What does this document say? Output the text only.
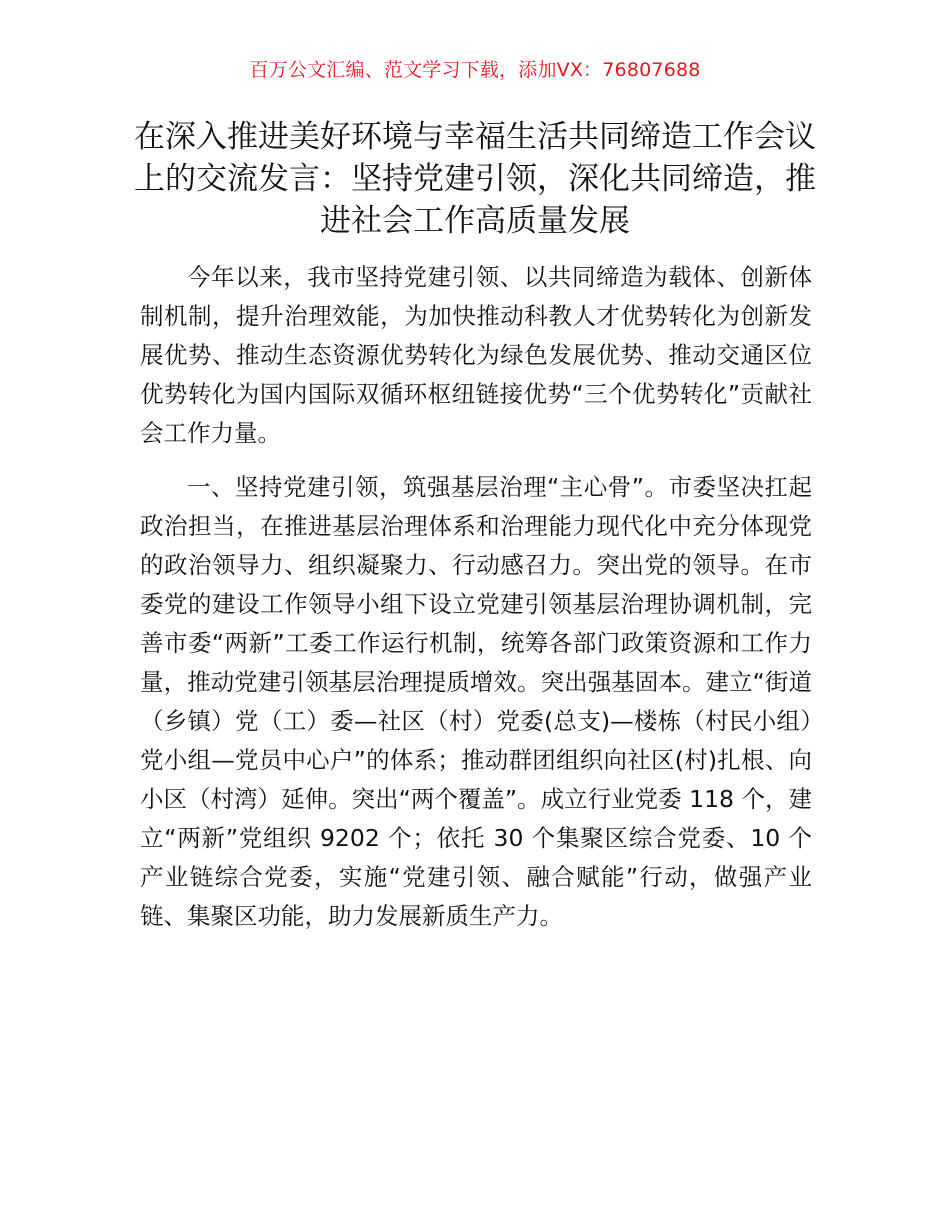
百万公文汇编、范文学习下载，添加VX：76807688
在深入推进美好环境与幸福生活共同缔造工作会议上的交流发言：坚持党建引领，深化共同缔造，推进社会工作高质量发展

今年以来，我市坚持党建引领、以共同缔造为载体、创新体制机制，提升治理效能，为加快推动科教人才优势转化为创新发展优势、推动生态资源优势转化为绿色发展优势、推动交通区位优势转化为国内国际双循环枢纽链接优势“三个优势转化”贡献社会工作力量。

一、坚持党建引领，筑强基层治理“主心骨”。市委坚决扛起政治担当，在推进基层治理体系和治理能力现代化中充分体现党的政治领导力、组织凝聚力、行动感召力。突出党的领导。在市委党的建设工作领导小组下设立党建引领基层治理协调机制，完善市委“两新”工委工作运行机制，统筹各部门政策资源和工作力量，推动党建引领基层治理提质增效。突出强基固本。建立“街道（乡镇）党（工）委—社区（村）党委(总支)—楼栋（村民小组）党小组—党员中心户”的体系；推动群团组织向社区(村)扎根、向小区（村湾）延伸。突出“两个覆盖”。成立行业党委 118 个，建立“两新”党组织 9202 个；依托 30 个集聚区综合党委、10 个产业链综合党委，实施“党建引领、融合赋能”行动，做强产业链、集聚区功能，助力发展新质生产力。
